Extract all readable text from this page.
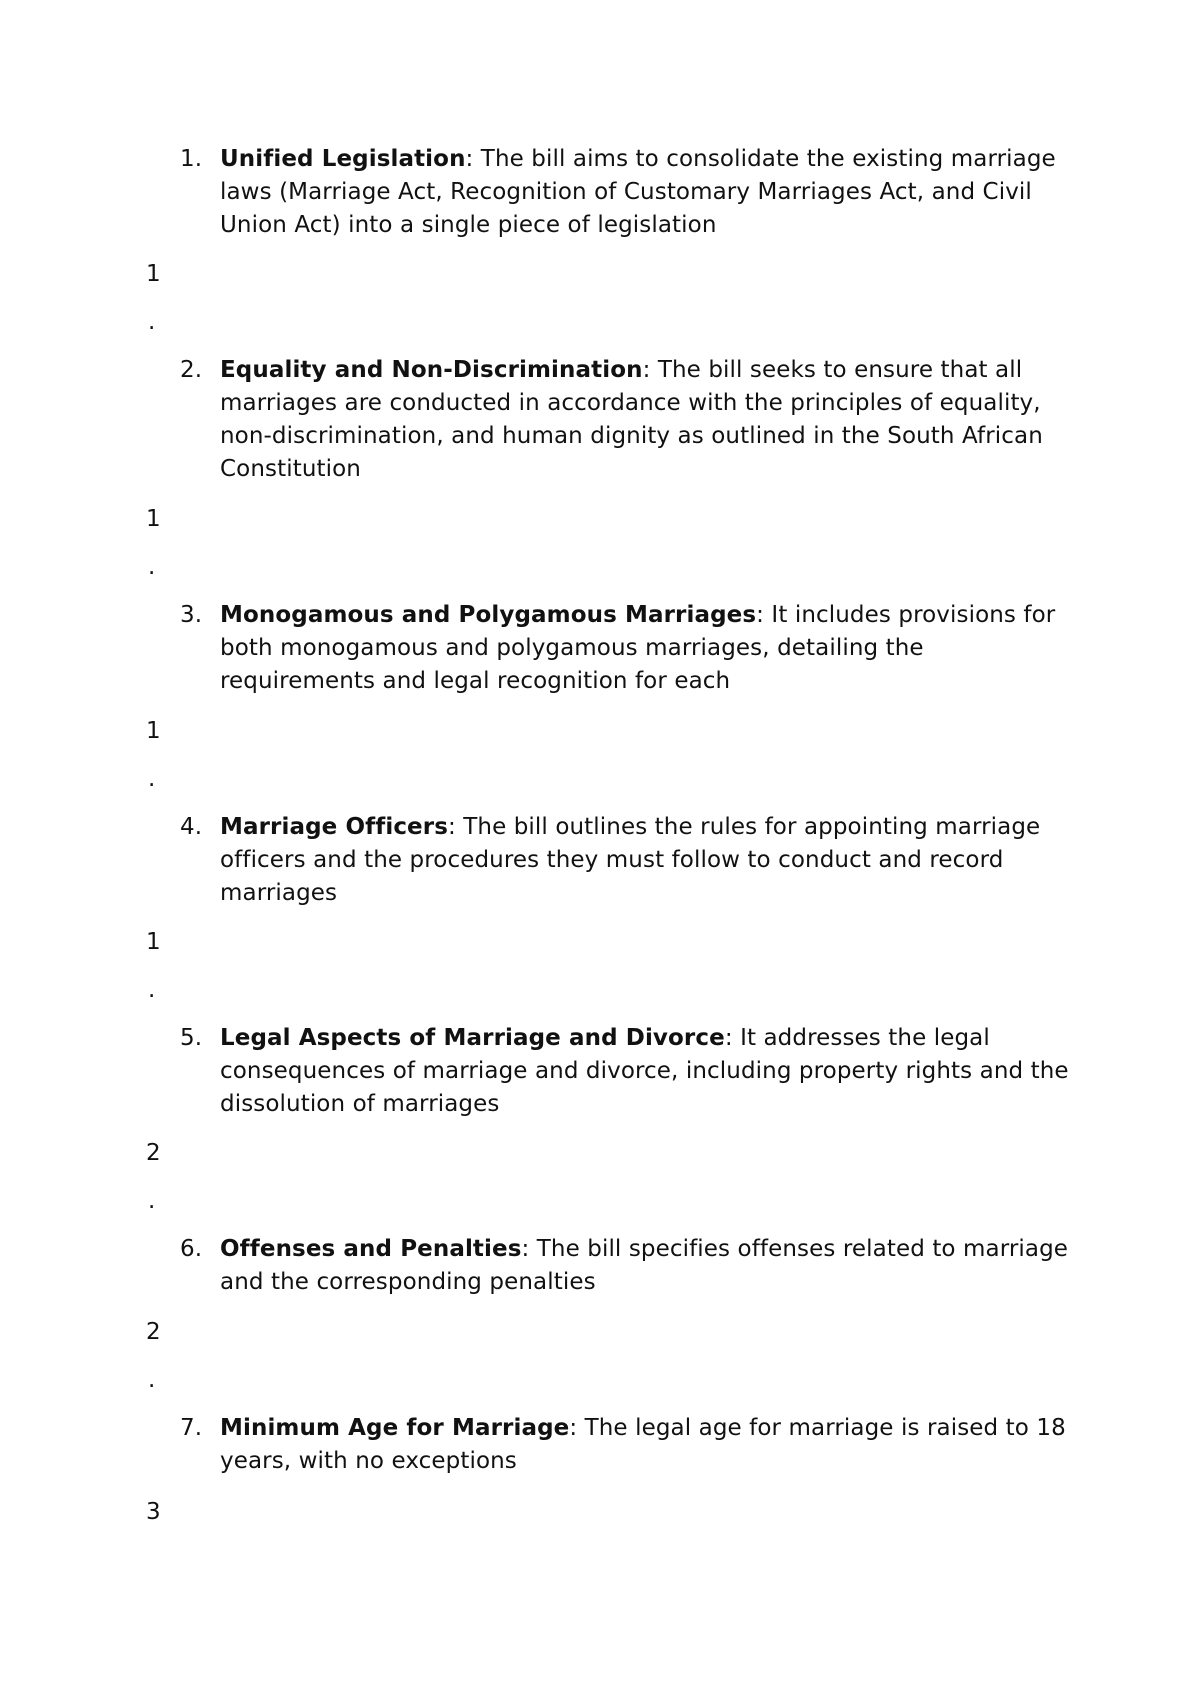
1. Unified Legislation: The bill aims to consolidate the existing marriage laws (Marriage Act, Recognition of Customary Marriages Act, and Civil Union Act) into a single piece of legislation
1
.
2. Equality and Non-Discrimination: The bill seeks to ensure that all marriages are conducted in accordance with the principles of equality, non-discrimination, and human dignity as outlined in the South African Constitution
1
.
3. Monogamous and Polygamous Marriages: It includes provisions for both monogamous and polygamous marriages, detailing the requirements and legal recognition for each
1
.
4. Marriage Officers: The bill outlines the rules for appointing marriage officers and the procedures they must follow to conduct and record marriages
1
.
5. Legal Aspects of Marriage and Divorce: It addresses the legal consequences of marriage and divorce, including property rights and the dissolution of marriages
2
.
6. Offenses and Penalties: The bill specifies offenses related to marriage and the corresponding penalties
2
.
7. Minimum Age for Marriage: The legal age for marriage is raised to 18 years, with no exceptions
3
